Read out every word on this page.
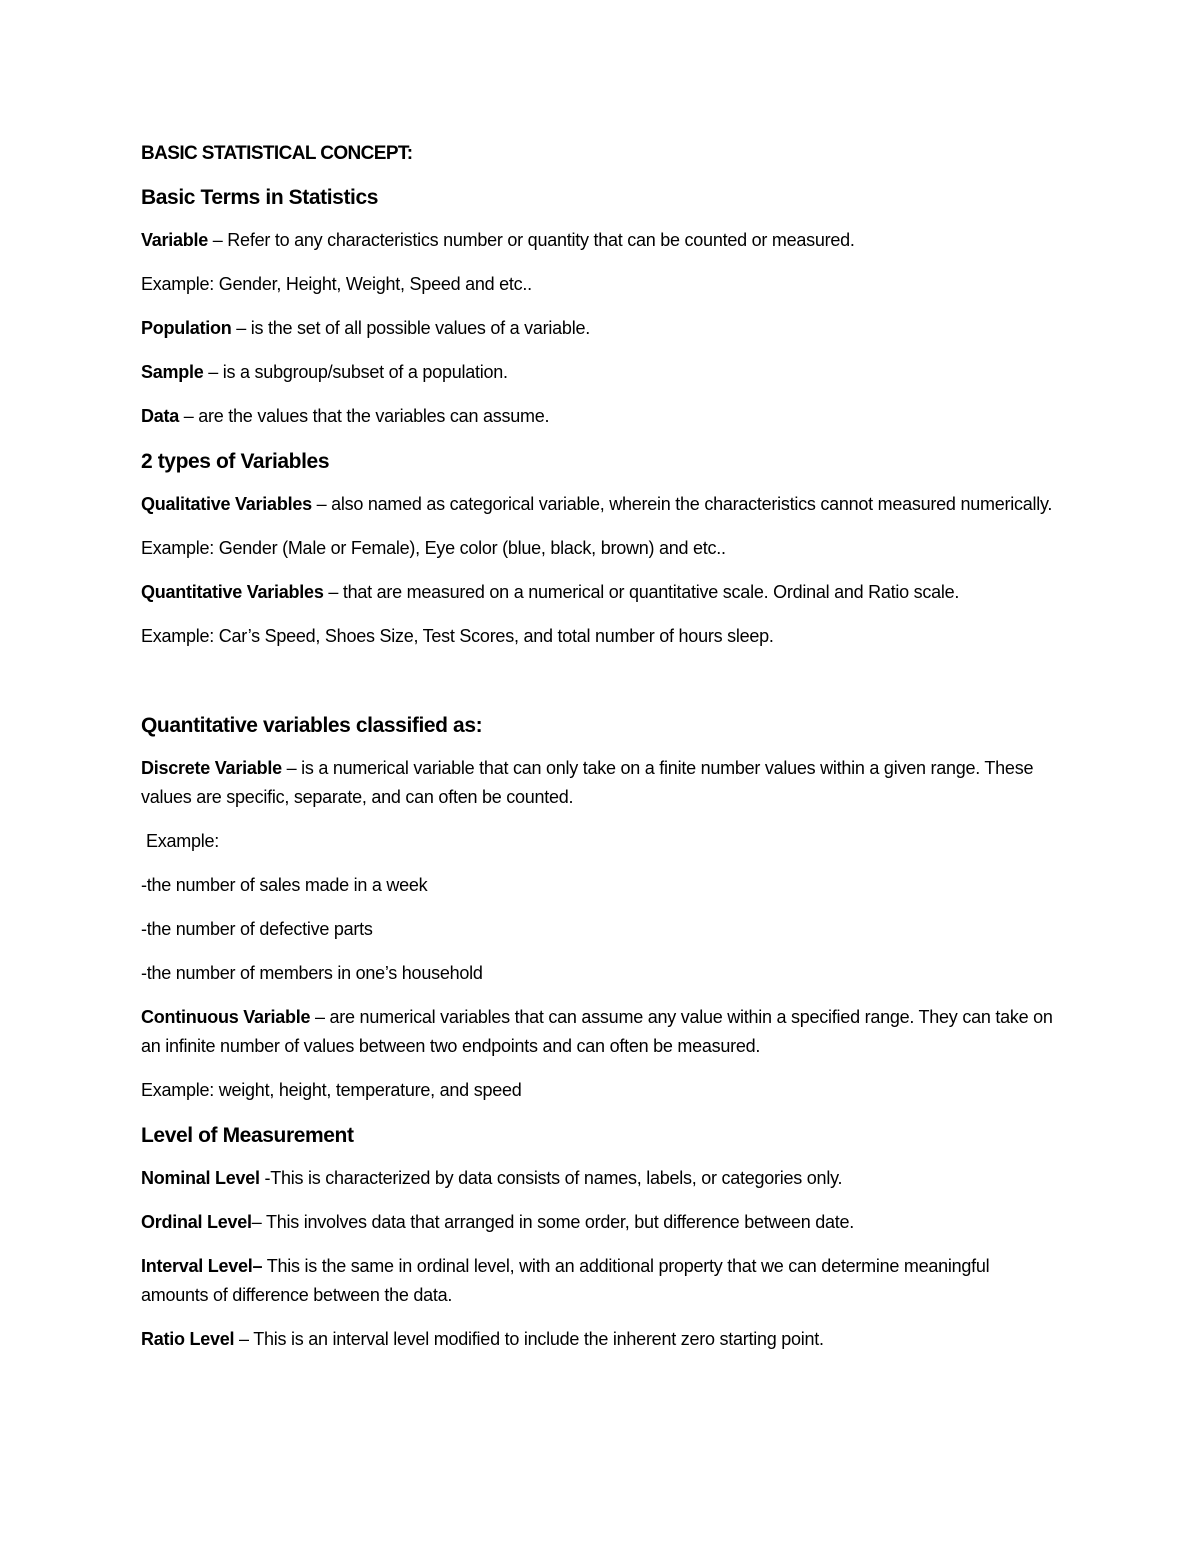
BASIC STATISTICAL CONCEPT:
Basic Terms in Statistics

Variable – Refer to any characteristics number or quantity that can be counted or measured.

Example: Gender, Height, Weight, Speed and etc..

Population – is the set of all possible values of a variable.

Sample – is a subgroup/subset of a population.

Data – are the values that the variables can assume.

2 types of Variables

Qualitative Variables – also named as categorical variable, wherein the characteristics cannot measured numerically.

Example: Gender (Male or Female), Eye color (blue, black, brown) and etc..

Quantitative Variables – that are measured on a numerical or quantitative scale. Ordinal and Ratio scale.

Example: Car’s Speed, Shoes Size, Test Scores, and total number of hours sleep.

Quantitative variables classified as:

Discrete Variable – is a numerical variable that can only take on a finite number values within a given range. These values are specific, separate, and can often be counted.

Example:

-the number of sales made in a week

-the number of defective parts

-the number of members in one’s household

Continuous Variable – are numerical variables that can assume any value within a specified range. They can take on an infinite number of values between two endpoints and can often be measured.

Example: weight, height, temperature, and speed

Level of Measurement

Nominal Level -This is characterized by data consists of names, labels, or categories only.

Ordinal Level– This involves data that arranged in some order, but difference between date.

Interval Level– This is the same in ordinal level, with an additional property that we can determine meaningful amounts of difference between the data.

Ratio Level – This is an interval level modified to include the inherent zero starting point.
